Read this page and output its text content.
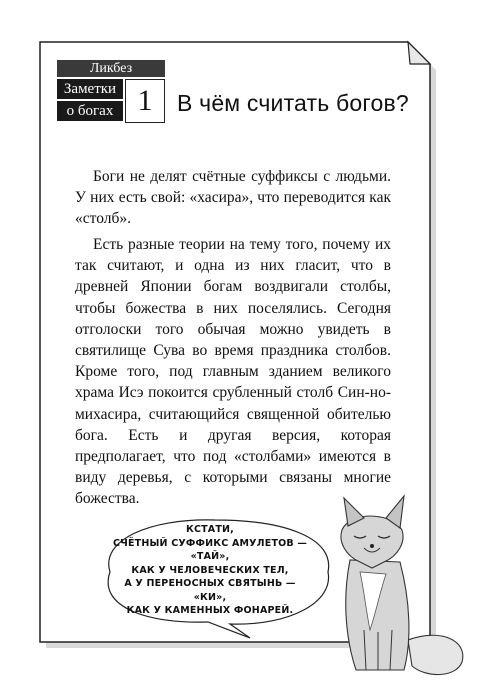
Ликбез
Заметки
о богах 1	В чём считать богов?

Боги не делят счётные суффиксы с людьми. У них есть свой: «хасира», что переводится как «столб».

Есть разные теории на тему того, почему их так считают, и одна из них гласит, что в древней Японии богам воздвигали столбы, чтобы божества в них поселялись. Сегодня отголоски того обычая можно увидеть в святилище Сува во время праздника столбов. Кроме того, под главным зданием великого храма Исэ покоится срубленный столб Син-но-михасира, считающийся священной обителью бога. Есть и другая версия, которая предполагает, что под «столбами» имеются в виду деревья, с которыми связаны многие божества.

КСТАТИ,
СЧЁТНЫЙ СУФФИКС АМУЛЕТОВ — «ТАЙ»,
КАК У ЧЕЛОВЕЧЕСКИХ ТЕЛ,
А У ПЕРЕНОСНЫХ СВЯТЫНЬ — «КИ»,
КАК У КАМЕННЫХ ФОНАРЕЙ.
